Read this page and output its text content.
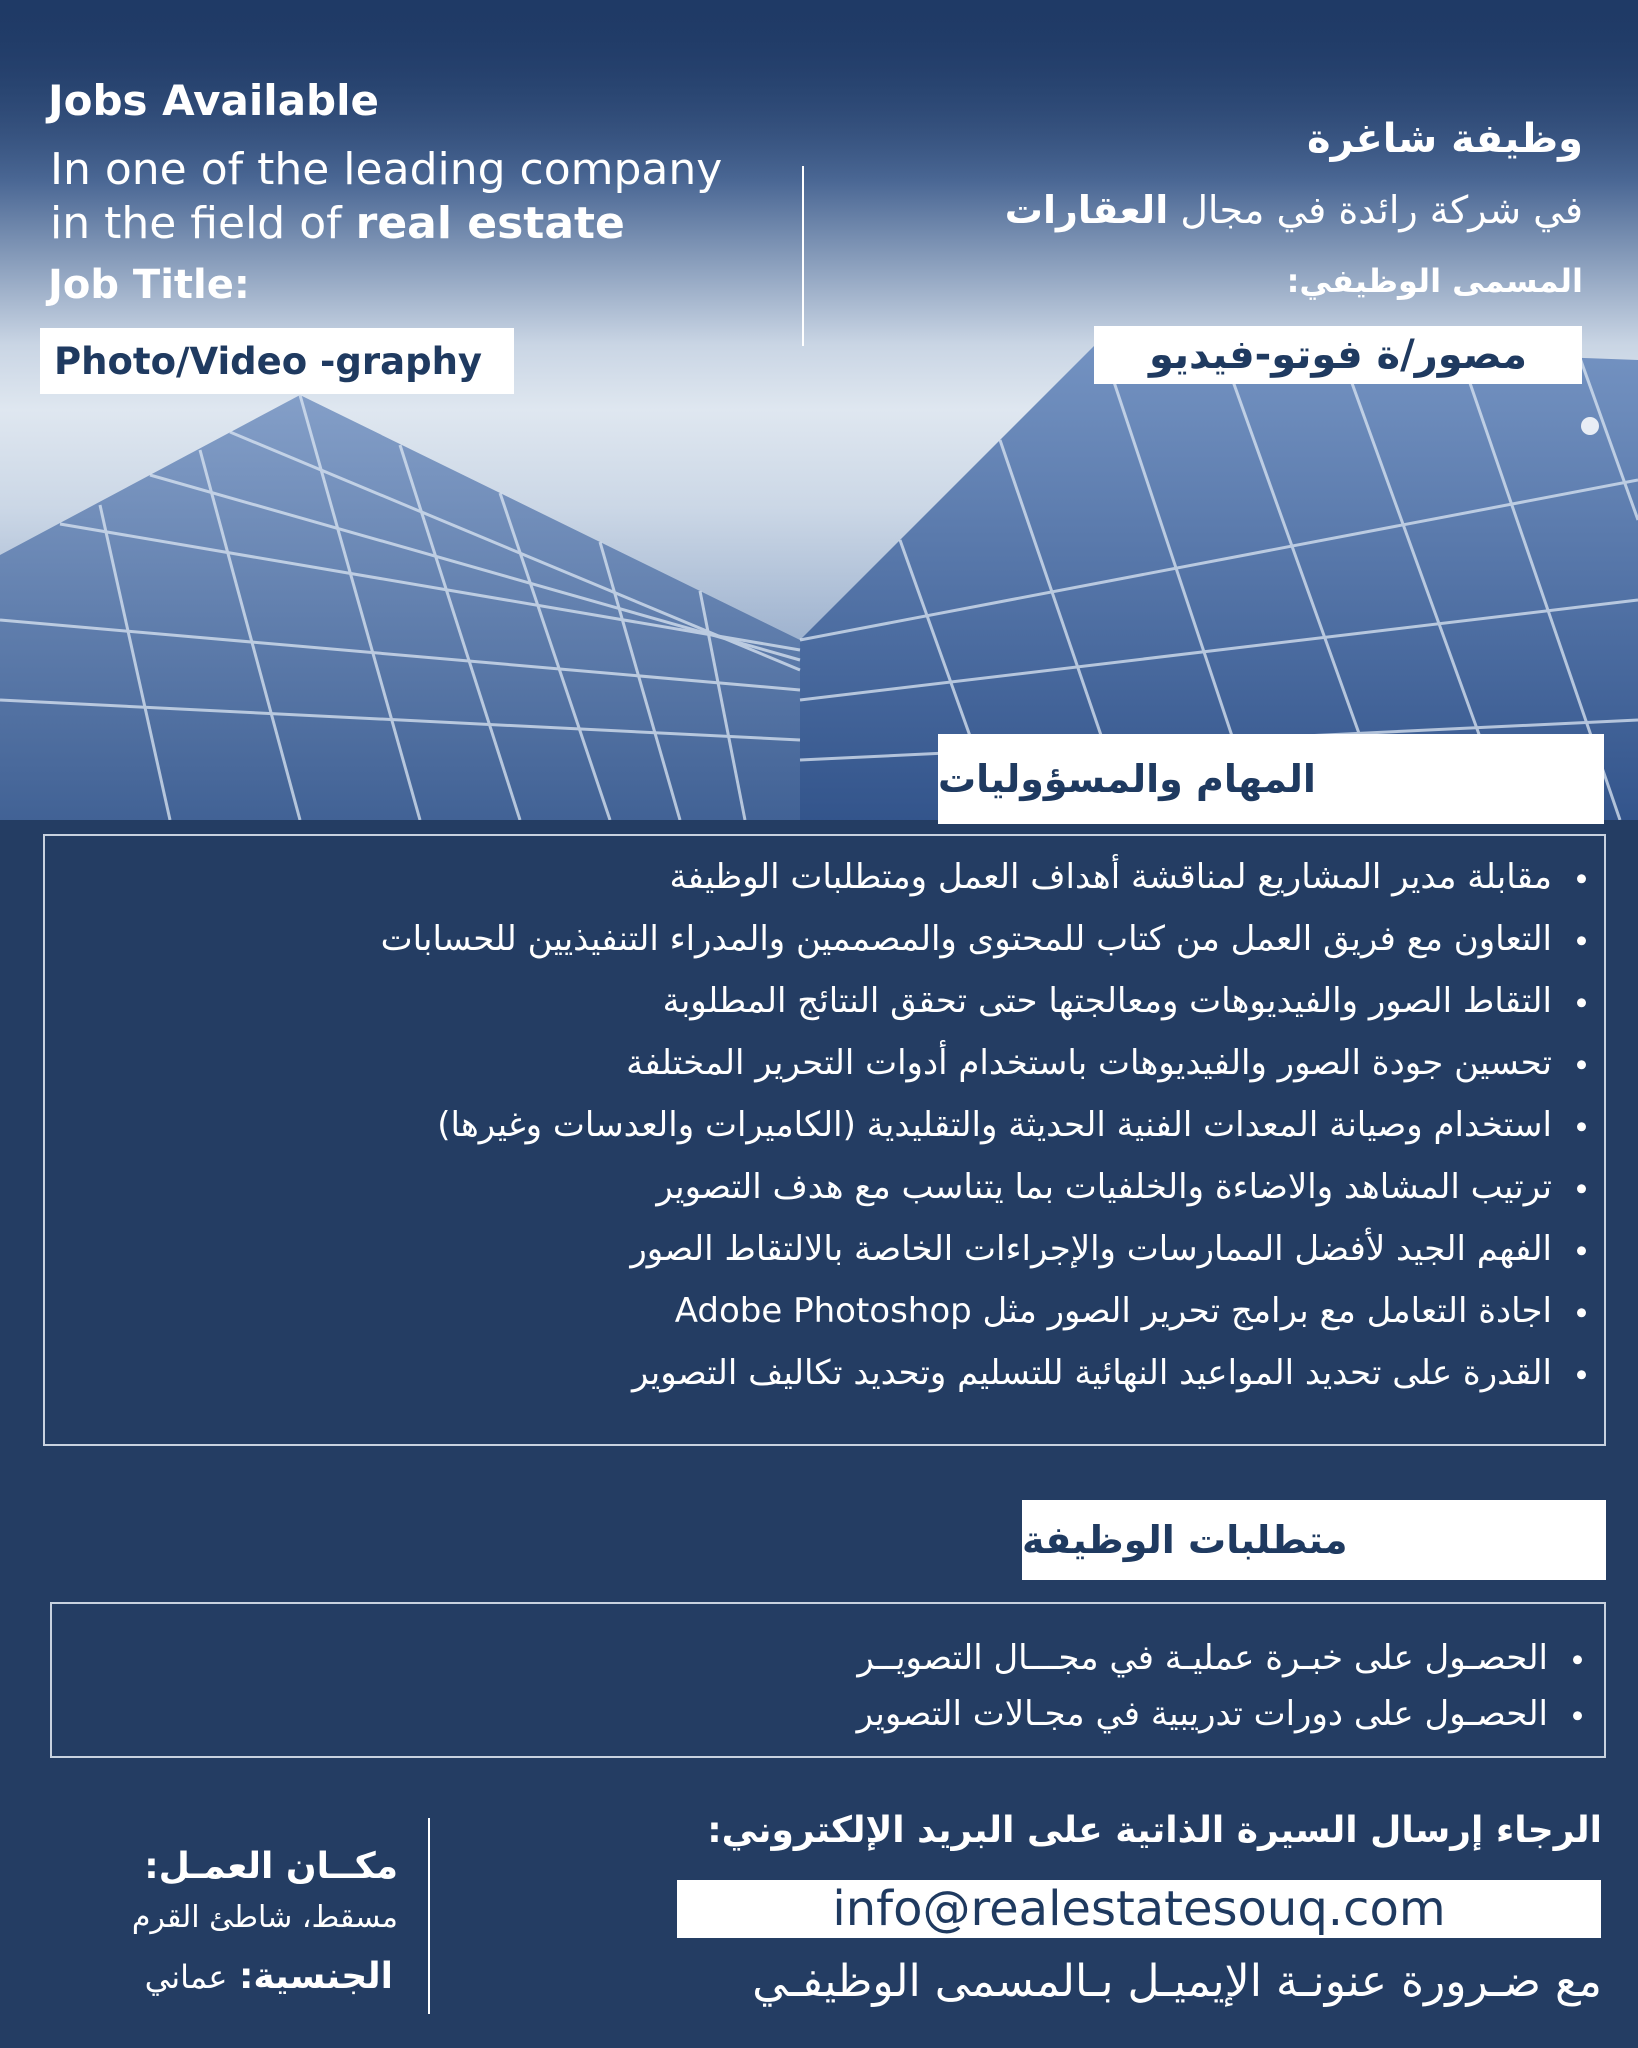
Jobs Available
In one of the leading company
in the field of real estate
Job Title:
Photo/Video -graphy
وظيفة شاغرة
في شركة رائدة في مجال العقارات
المسمى الوظيفي:
مصور/ة فوتو-فيديو
المهام والمسؤوليات
مقابلة مدير المشاريع لمناقشة أهداف العمل ومتطلبات الوظيفة
التعاون مع فريق العمل من كتاب للمحتوى والمصممين والمدراء التنفيذيين للحسابات
التقاط الصور والفيديوهات ومعالجتها حتى تحقق النتائج المطلوبة
تحسين جودة الصور والفيديوهات باستخدام أدوات التحرير المختلفة
استخدام وصيانة المعدات الفنية الحديثة والتقليدية (الكاميرات والعدسات وغيرها)
ترتيب المشاهد والاضاءة والخلفيات بما يتناسب مع هدف التصوير
الفهم الجيد لأفضل الممارسات والإجراءات الخاصة بالالتقاط الصور
اجادة التعامل مع برامج تحرير الصور مثل Adobe Photoshop
القدرة على تحديد المواعيد النهائية للتسليم وتحديد تكاليف التصوير
متطلبات الوظيفة
الحصـول على خبـرة عمليـة في مجـــال التصويــر
الحصـول على دورات تدريبية في مجـالات التصوير
الرجاء إرسال السيرة الذاتية على البريد الإلكتروني:
info@realestatesouq.com
مع ضـرورة عنونـة الإيميـل بـالمسمى الوظيفـي
مكــان العمـل:
مسقط، شاطئ القرم
الجنسية: عماني
